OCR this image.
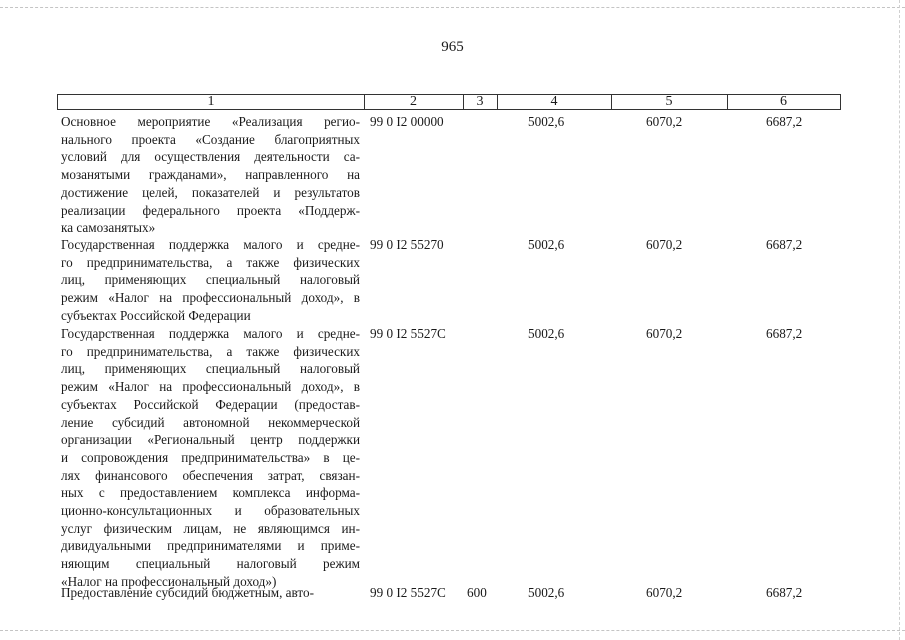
965
1	2	3	4	5	6
Основное мероприятие «Реализация регио-
нального проекта «Создание благоприятных
условий для осуществления деятельности са-
мозанятыми гражданами», направленного на
достижение целей, показателей и результатов
реализации федерального проекта «Поддерж-
ка самозанятых»
99 0 I2 00000	5002,6	6070,2	6687,2
Государственная поддержка малого и средне-
го предпринимательства, а также физических
лиц, применяющих специальный налоговый
режим «Налог на профессиональный доход», в
субъектах Российской Федерации
99 0 I2 55270	5002,6	6070,2	6687,2
Государственная поддержка малого и средне-
го предпринимательства, а также физических
лиц, применяющих специальный налоговый
режим «Налог на профессиональный доход», в
субъектах Российской Федерации (предостав-
ление субсидий автономной некоммерческой
организации «Региональный центр поддержки
и сопровождения предпринимательства» в це-
лях финансового обеспечения затрат, связан-
ных с предоставлением комплекса информа-
ционно-консультационных и образовательных
услуг физическим лицам, не являющимся ин-
дивидуальными предпринимателями и приме-
няющим специальный налоговый режим
«Налог на профессиональный доход»)
99 0 I2 5527C	5002,6	6070,2	6687,2
Предоставление субсидий бюджетным, авто-	99 0 I2 5527C 600	5002,6	6070,2	6687,2
